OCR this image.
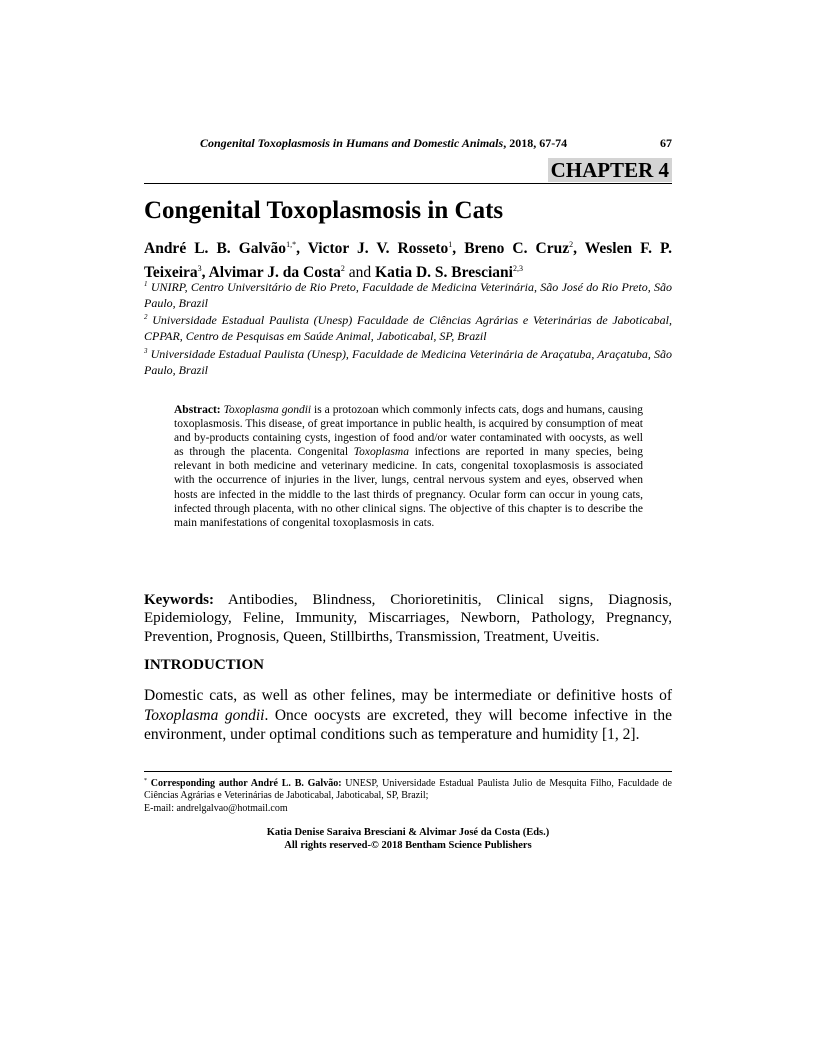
Congenital Toxoplasmosis in Humans and Domestic Animals, 2018, 67-74	67
CHAPTER 4
Congenital Toxoplasmosis in Cats
André L. B. Galvão$^{1,*}$, Victor J. V. Rosseto$^1$, Breno C. Cruz$^2$, Weslen F. P. Teixeira$^3$, Alvimar J. da Costa$^2$ and Katia D. S. Bresciani$^{2,3}$
$^1$ UNIRP, Centro Universitário de Rio Preto, Faculdade de Medicina Veterinária, São José do Rio Preto, São Paulo, Brazil
$^2$ Universidade Estadual Paulista (Unesp) Faculdade de Ciências Agrárias e Veterinárias de Jaboticabal, CPPAR, Centro de Pesquisas em Saúde Animal, Jaboticabal, SP, Brazil
$^3$ Universidade Estadual Paulista (Unesp), Faculdade de Medicina Veterinária de Araçatuba, Araçatuba, São Paulo, Brazil
Abstract: Toxoplasma gondii is a protozoan which commonly infects cats, dogs and humans, causing toxoplasmosis. This disease, of great importance in public health, is acquired by consumption of meat and by-products containing cysts, ingestion of food and/or water contaminated with oocysts, as well as through the placenta. Congenital Toxoplasma infections are reported in many species, being relevant in both medicine and veterinary medicine. In cats, congenital toxoplasmosis is associated with the occurrence of injuries in the liver, lungs, central nervous system and eyes, observed when hosts are infected in the middle to the last thirds of pregnancy. Ocular form can occur in young cats, infected through placenta, with no other clinical signs. The objective of this chapter is to describe the main manifestations of congenital toxoplasmosis in cats.
Keywords: Antibodies, Blindness, Chorioretinitis, Clinical signs, Diagnosis, Epidemiology, Feline, Immunity, Miscarriages, Newborn, Pathology, Pregnancy, Prevention, Prognosis, Queen, Stillbirths, Transmission, Treatment, Uveitis.
INTRODUCTION
Domestic cats, as well as other felines, may be intermediate or definitive hosts of Toxoplasma gondii. Once oocysts are excreted, they will become infective in the environment, under optimal conditions such as temperature and humidity [1, 2].
* Corresponding author André L. B. Galvão: UNESP, Universidade Estadual Paulista Julio de Mesquita Filho, Faculdade de Ciências Agrárias e Veterinárias de Jaboticabal, Jaboticabal, SP, Brazil;
E-mail: andrelgalvao@hotmail.com
Katia Denise Saraiva Bresciani & Alvimar José da Costa (Eds.)
All rights reserved-© 2018 Bentham Science Publishers
